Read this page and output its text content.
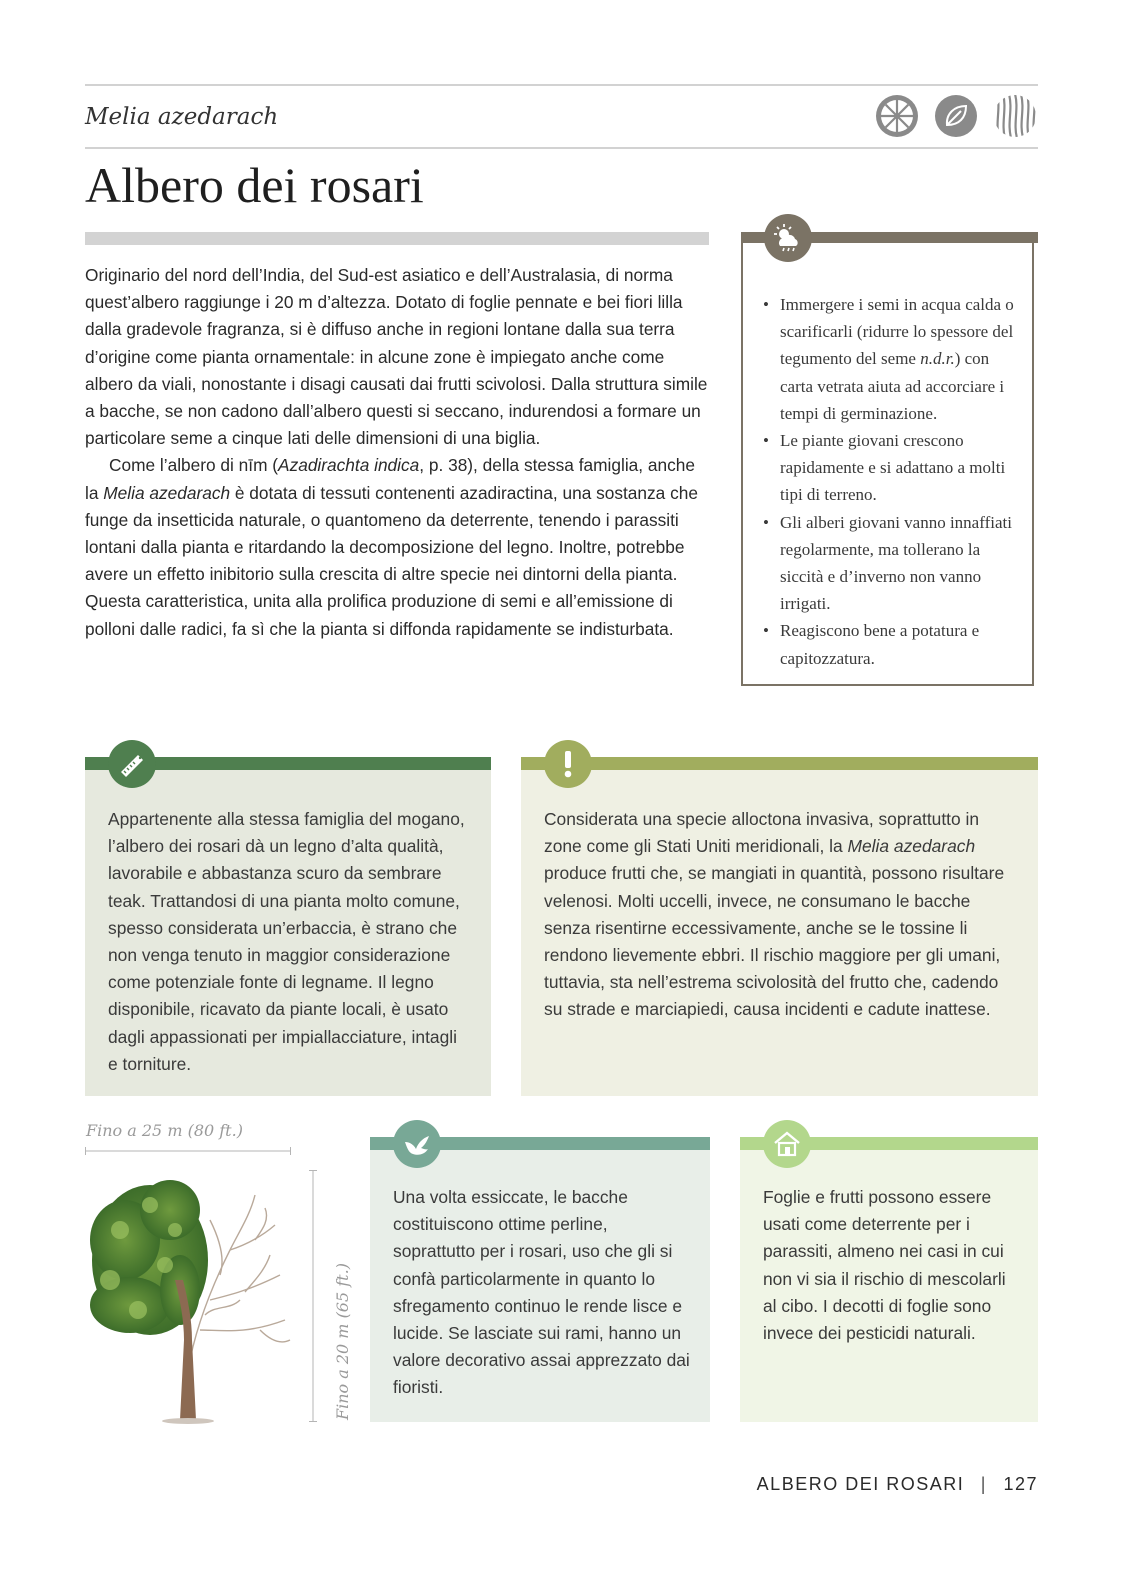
Melia azedarach
Albero dei rosari

Originario del nord dell’India, del Sud-est asiatico e dell’Australasia, di norma quest’albero raggiunge i 20 m d’altezza. Dotato di foglie pennate e bei fiori lilla dalla gradevole fragranza, si è diffuso anche in regioni lontane dalla sua terra d’origine come pianta ornamentale: in alcune zone è impiegato anche come albero da viali, nonostante i disagi causati dai frutti scivolosi. Dalla struttura simile a bacche, se non cadono dall’albero questi si seccano, indurendosi a formare un particolare seme a cinque lati delle dimensioni di una biglia.

Come l’albero di nīm (Azadirachta indica, p. 38), della stessa famiglia, anche la Melia azedarach è dotata di tessuti contenenti azadiractina, una sostanza che funge da insetticida naturale, o quantomeno da deterrente, tenendo i parassiti lontani dalla pianta e ritardando la decomposizione del legno. Inoltre, potrebbe avere un effetto inibitorio sulla crescita di altre specie nei dintorni della pianta. Questa caratteristica, unita alla prolifica produzione di semi e all’emissione di polloni dalle radici, fa sì che la pianta si diffonda rapidamente se indisturbata.

• Immergere i semi in acqua calda o scarificarli (ridurre lo spessore del tegumento del seme n.d.r.) con carta vetrata aiuta ad accorciare i tempi di germinazione.
• Le piante giovani crescono rapidamente e si adattano a molti tipi di terreno.
• Gli alberi giovani vanno innaffiati regolarmente, ma tollerano la siccità e d’inverno non vanno irrigati.
• Reagiscono bene a potatura e capitozzatura.
Appartenente alla stessa famiglia del mogano, l’albero dei rosari dà un legno d’alta qualità, lavorabile e abbastanza scuro da sembrare teak. Trattandosi di una pianta molto comune, spesso considerata un’erbaccia, è strano che non venga tenuto in maggior considerazione come potenziale fonte di legname. Il legno disponibile, ricavato da piante locali, è usato dagli appassionati per impiallacciature, intagli e torniture.
Considerata una specie alloctona invasiva, soprattutto in zone come gli Stati Uniti meridionali, la Melia azedarach produce frutti che, se mangiati in quantità, possono risultare velenosi. Molti uccelli, invece, ne consumano le bacche senza risentirne eccessivamente, anche se le tossine li rendono lievemente ebbri. Il rischio maggiore per gli umani, tuttavia, sta nell’estrema scivolosità del frutto che, cadendo su strade e marciapiedi, causa incidenti e cadute inattese.
Fino a 25 m (80 ft.)
Fino a 20 m (65 ft.)
Una volta essiccate, le bacche costituiscono ottime perline, soprattutto per i rosari, uso che gli si confà particolarmente in quanto lo sfregamento continuo le rende lisce e lucide. Se lasciate sui rami, hanno un valore decorativo assai apprezzato dai fioristi.
Foglie e frutti possono essere usati come deterrente per i parassiti, almeno nei casi in cui non vi sia il rischio di mescolarli al cibo. I decotti di foglie sono invece dei pesticidi naturali.
ALBERO DEI ROSARI | 127
